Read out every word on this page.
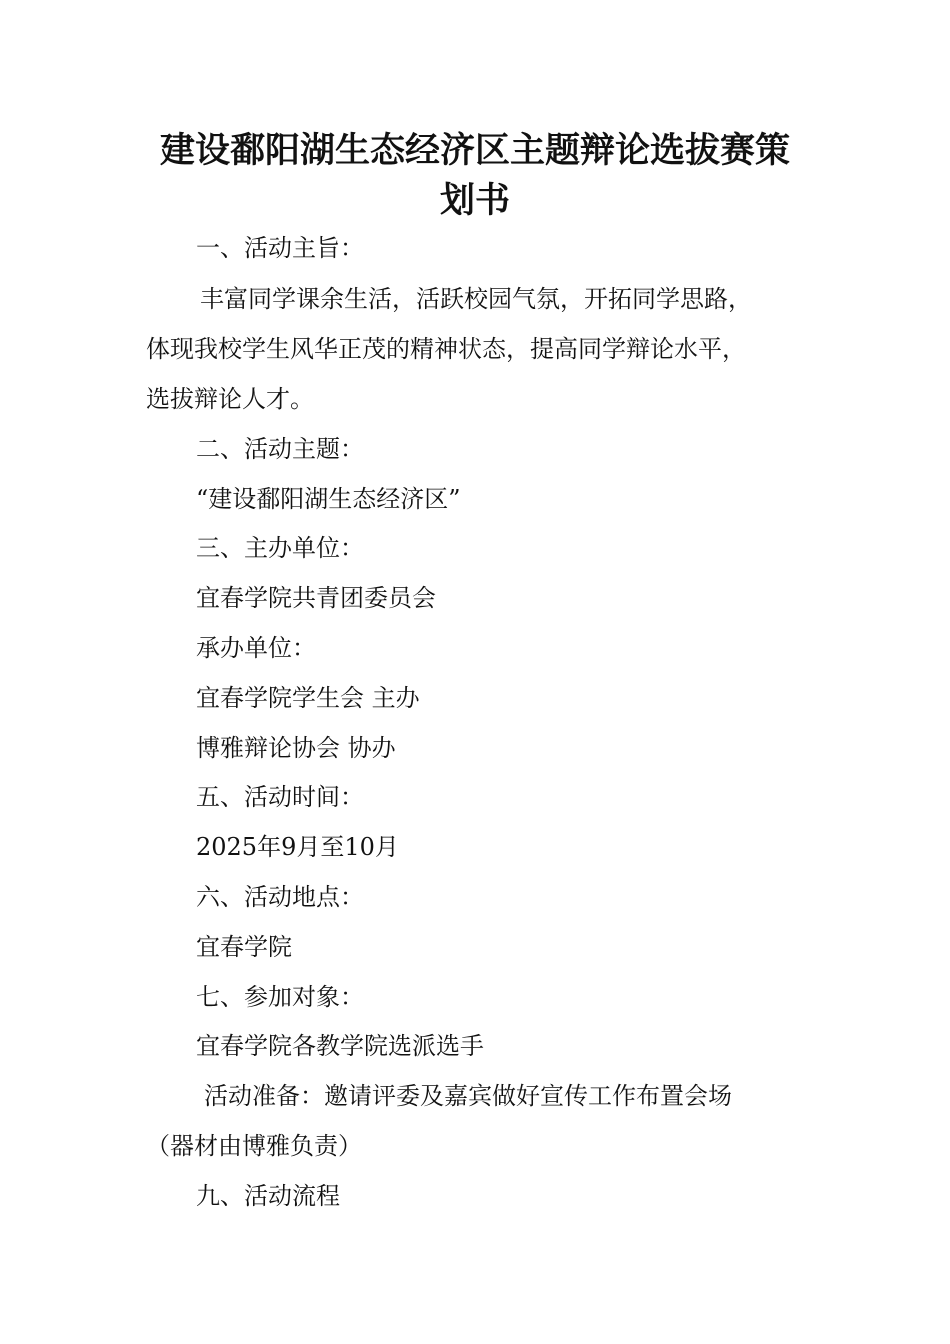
建设鄱阳湖生态经济区主题辩论选拔赛策
划书
一、活动主旨：
丰富同学课余生活，活跃校园气氛，开拓同学思路，
体现我校学生风华正茂的精神状态，提高同学辩论水平，
选拔辩论人才。
二、活动主题：
“建设鄱阳湖生态经济区”
三、主办单位：
宜春学院共青团委员会
承办单位：
宜春学院学生会 主办
博雅辩论协会 协办
五、活动时间：
2025年9月至10月
六、活动地点：
宜春学院
七、参加对象：
宜春学院各教学院选派选手
活动准备：邀请评委及嘉宾做好宣传工作布置会场
（器材由博雅负责）
九、活动流程
